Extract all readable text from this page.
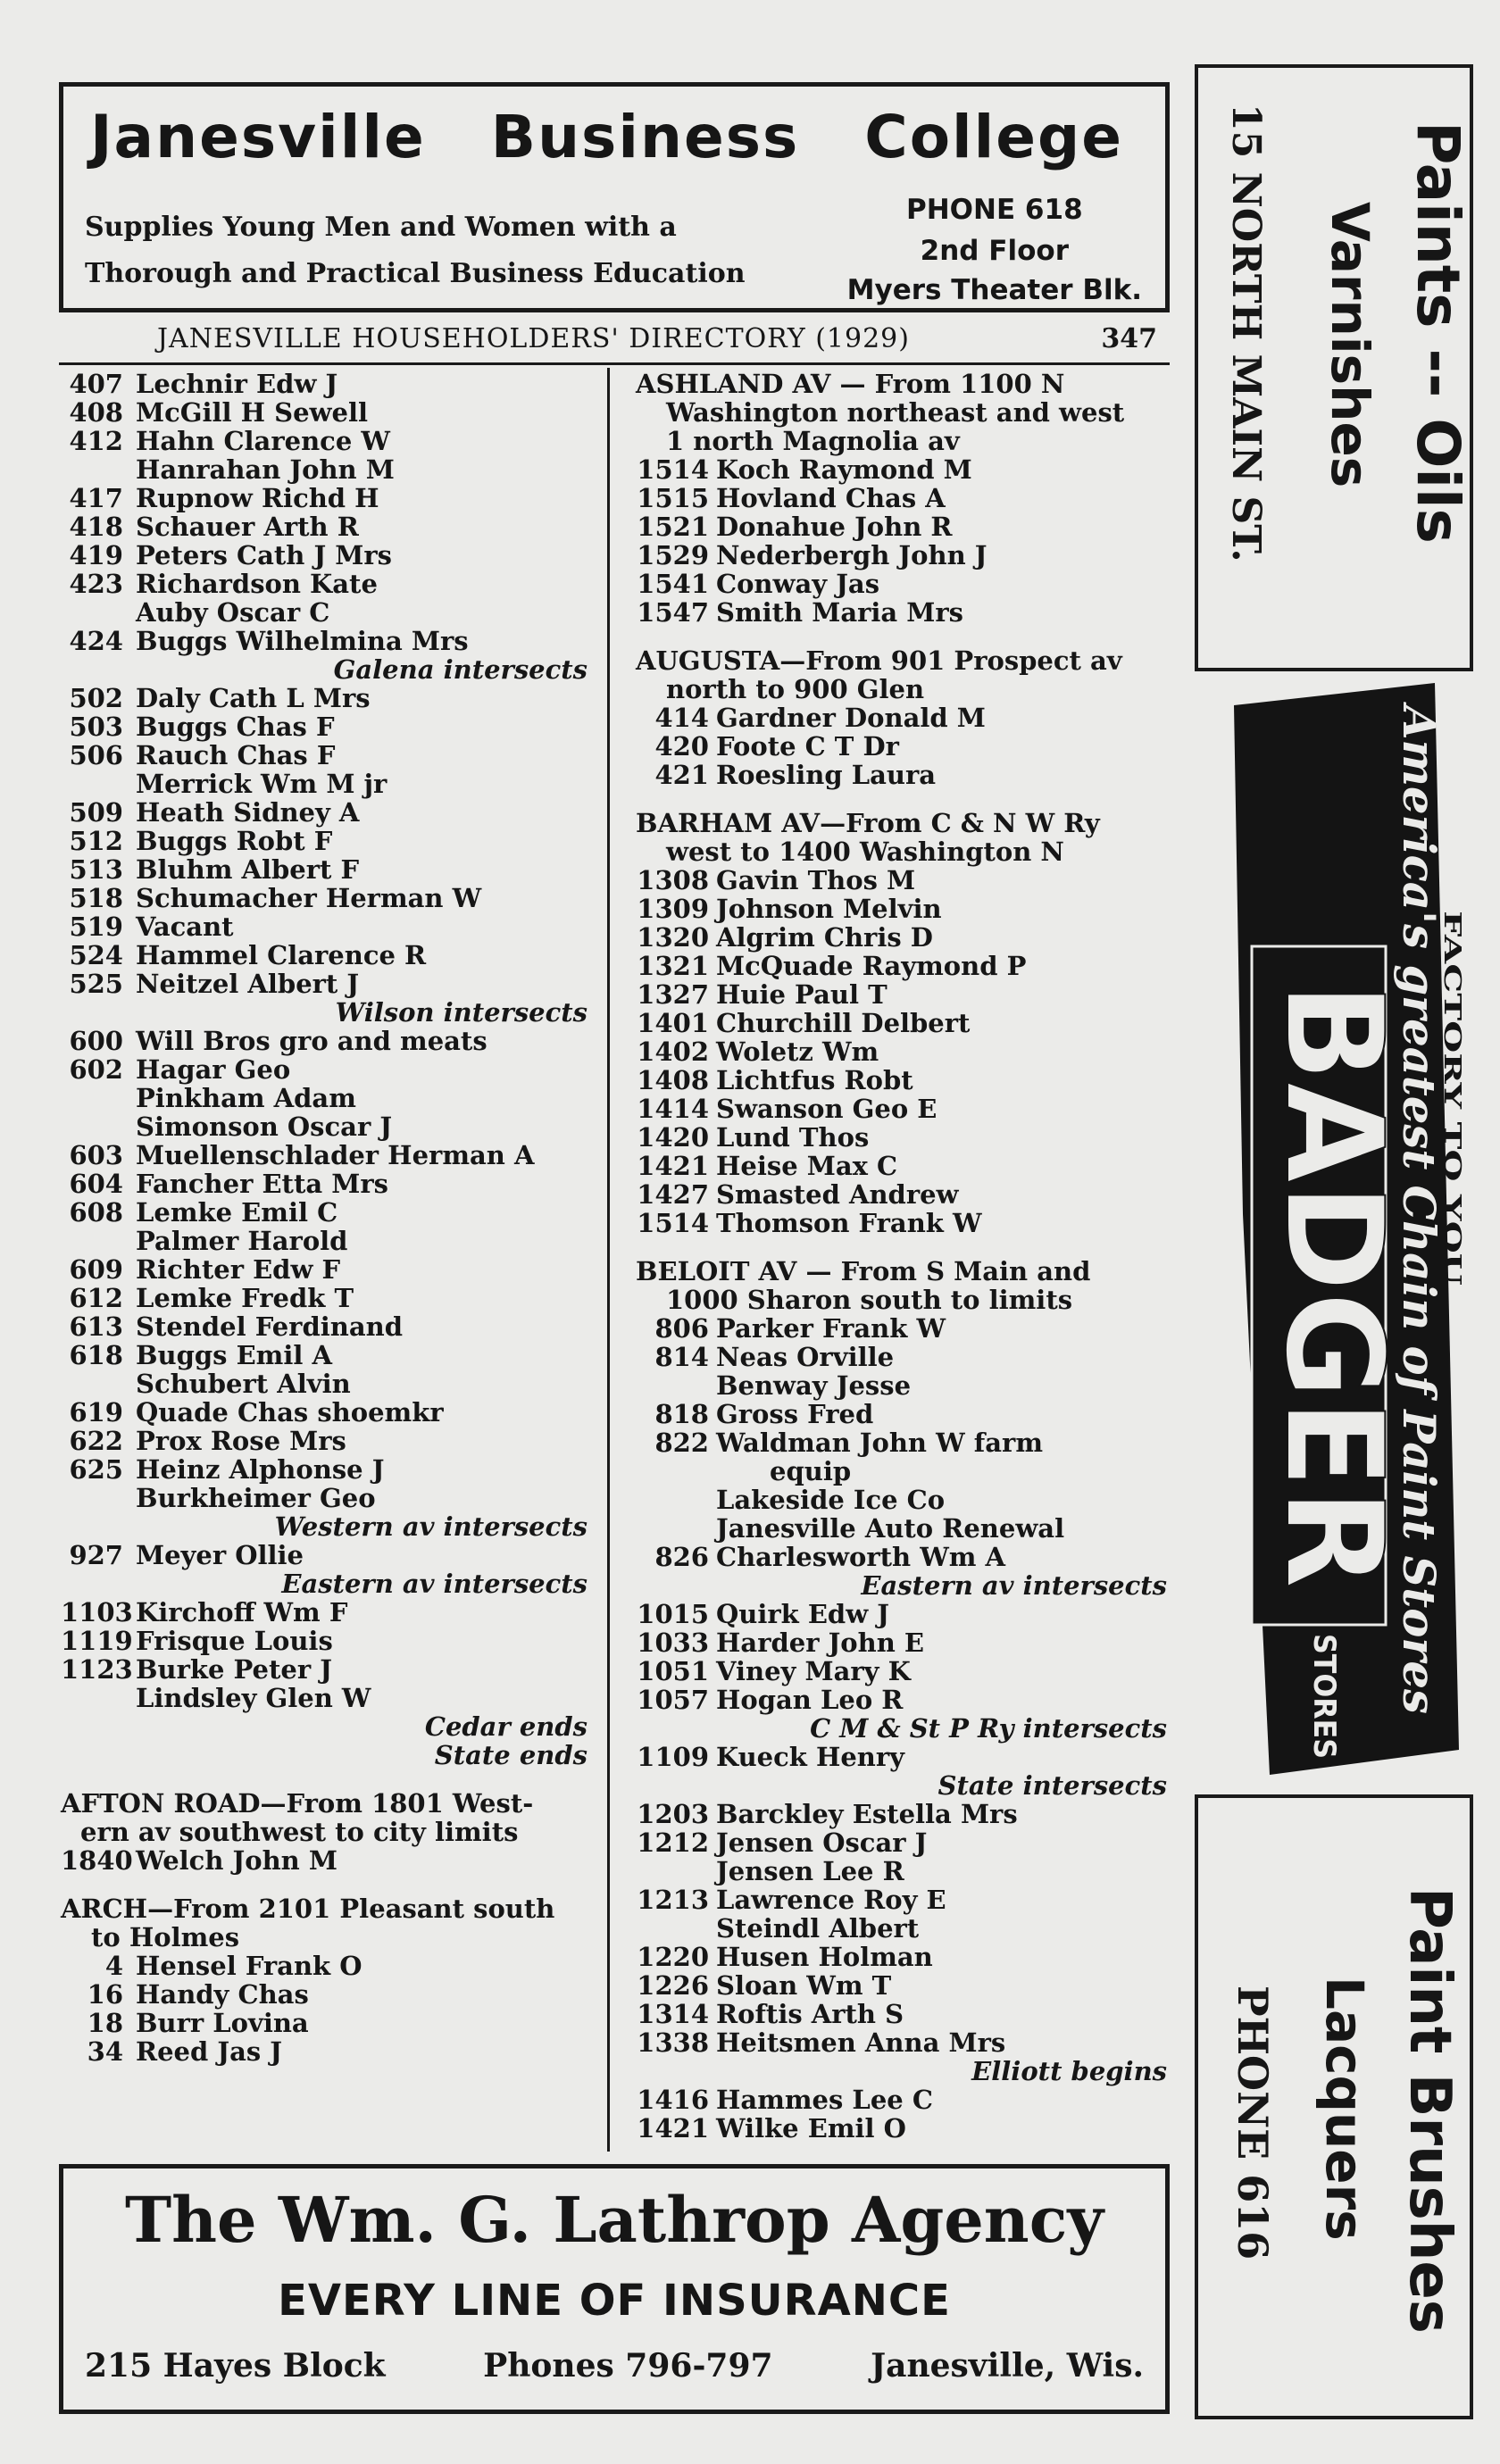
Janesville Business College
Supplies Young Men and Women with a
Thorough and Practical Business Education
PHONE 618
2nd Floor
Myers Theater Blk.
JANESVILLE HOUSEHOLDERS' DIRECTORY (1929)	347
407 Lechnir Edw J
408 McGill H Sewell
412 Hahn Clarence W
Hanrahan John M
417 Rupnow Richd H
418 Schauer Arth R
419 Peters Cath J Mrs
423 Richardson Kate
Auby Oscar C
424 Buggs Wilhelmina Mrs
Galena intersects
502 Daly Cath L Mrs
503 Buggs Chas F
506 Rauch Chas F
Merrick Wm M jr
509 Heath Sidney A
512 Buggs Robt F
513 Bluhm Albert F
518 Schumacher Herman W
519 Vacant
524 Hammel Clarence R
525 Neitzel Albert J
Wilson intersects
600 Will Bros gro and meats
602 Hagar Geo
Pinkham Adam
Simonson Oscar J
603 Muellenschlader Herman A
604 Fancher Etta Mrs
608 Lemke Emil C
Palmer Harold
609 Richter Edw F
612 Lemke Fredk T
613 Stendel Ferdinand
618 Buggs Emil A
Schubert Alvin
619 Quade Chas shoemkr
622 Prox Rose Mrs
625 Heinz Alphonse J
Burkheimer Geo
Western av intersects
927 Meyer Ollie
Eastern av intersects
1103 Kirchoff Wm F
1119 Frisque Louis
1123 Burke Peter J
Lindsley Glen W
Cedar ends
State ends
AFTON ROAD—From 1801 West-
ern av southwest to city limits
1840 Welch John M
ARCH—From 2101 Pleasant south
to Holmes
4 Hensel Frank O
16 Handy Chas
18 Burr Lovina
34 Reed Jas J
ASHLAND AV — From 1100 N
Washington northeast and west
1 north Magnolia av
1514 Koch Raymond M
1515 Hovland Chas A
1521 Donahue John R
1529 Nederbergh John J
1541 Conway Jas
1547 Smith Maria Mrs
AUGUSTA—From 901 Prospect av
north to 900 Glen
414 Gardner Donald M
420 Foote C T Dr
421 Roesling Laura
BARHAM AV—From C & N W Ry
west to 1400 Washington N
1308 Gavin Thos M
1309 Johnson Melvin
1320 Algrim Chris D
1321 McQuade Raymond P
1327 Huie Paul T
1401 Churchill Delbert
1402 Woletz Wm
1408 Lichtfus Robt
1414 Swanson Geo E
1420 Lund Thos
1421 Heise Max C
1427 Smasted Andrew
1514 Thomson Frank W
BELOIT AV — From S Main and
1000 Sharon south to limits
806 Parker Frank W
814 Neas Orville
Benway Jesse
818 Gross Fred
822 Waldman John W farm
equip
Lakeside Ice Co
Janesville Auto Renewal
826 Charlesworth Wm A
Eastern av intersects
1015 Quirk Edw J
1033 Harder John E
1051 Viney Mary K
1057 Hogan Leo R
C M & St P Ry intersects
1109 Kueck Henry
State intersects
1203 Barckley Estella Mrs
1212 Jensen Oscar J
Jensen Lee R
1213 Lawrence Roy E
Steindl Albert
1220 Husen Holman
1226 Sloan Wm T
1314 Roftis Arth S
1338 Heitsmen Anna Mrs
Elliott begins
1416 Hammes Lee C
1421 Wilke Emil O
The Wm. G. Lathrop Agency
EVERY LINE OF INSURANCE
215 Hayes Block	Phones 796-797	Janesville, Wis.
Paints -- Oils
Varnishes
15 NORTH MAIN ST.
BADGER
America's greatest Chain of Paint Stores
FACTORY TO YOU
STORES
Paint Brushes
Lacquers
PHONE 616
